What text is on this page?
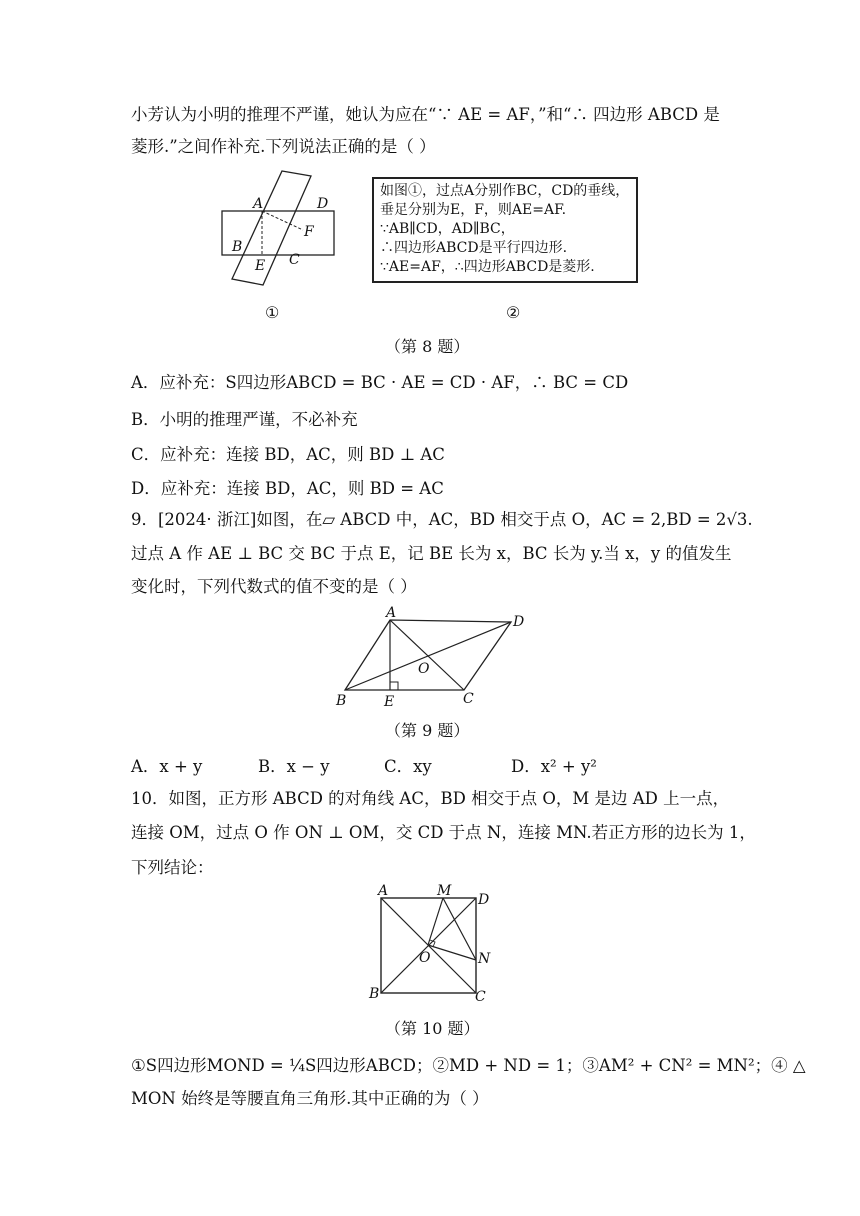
小芳认为小明的推理不严谨，她认为应在“∵ AE = AF，”和“∴ 四边形 ABCD 是
菱形.”之间作补充.下列说法正确的是（ ）
A	D
F
B
E C
如图①，过点A分别作BC，CD的垂线，
垂足分别为E，F，则AE=AF.
∵AB∥CD，AD∥BC，
∴四边形ABCD是平行四边形.
∵AE=AF，∴四边形ABCD是菱形.
①	②
（第 8 题）
A．应补充：S四边形ABCD = BC · AE = CD · AF，∴ BC = CD
B．小明的推理严谨，不必补充
C．应补充：连接 BD，AC，则 BD ⊥ AC
D．应补充：连接 BD，AC，则 BD = AC
9．[2024· 浙江]如图，在▱ ABCD 中，AC，BD 相交于点 O，AC = 2,BD = 2√3.
过点 A 作 AE ⊥ BC 交 BC 于点 E，记 BE 长为 x，BC 长为 y.当 x，y 的值发生
变化时，下列代数式的值不变的是（ ）
A
D
O
B	E	C
（第 9 题）
A．x + y	B．x − y	C．xy	D．x² + y²
10．如图，正方形 ABCD 的对角线 AC，BD 相交于点 O，M 是边 AD 上一点，
连接 OM，过点 O 作 ON ⊥ OM，交 CD 于点 N，连接 MN.若正方形的边长为 1，
下列结论：
A	M
D
O	N
B	C
（第 10 题）
①S四边形MOND = ¼S四边形ABCD；②MD + ND = 1；③AM² + CN² = MN²；④ △
MON 始终是等腰直角三角形.其中正确的为（ ）
